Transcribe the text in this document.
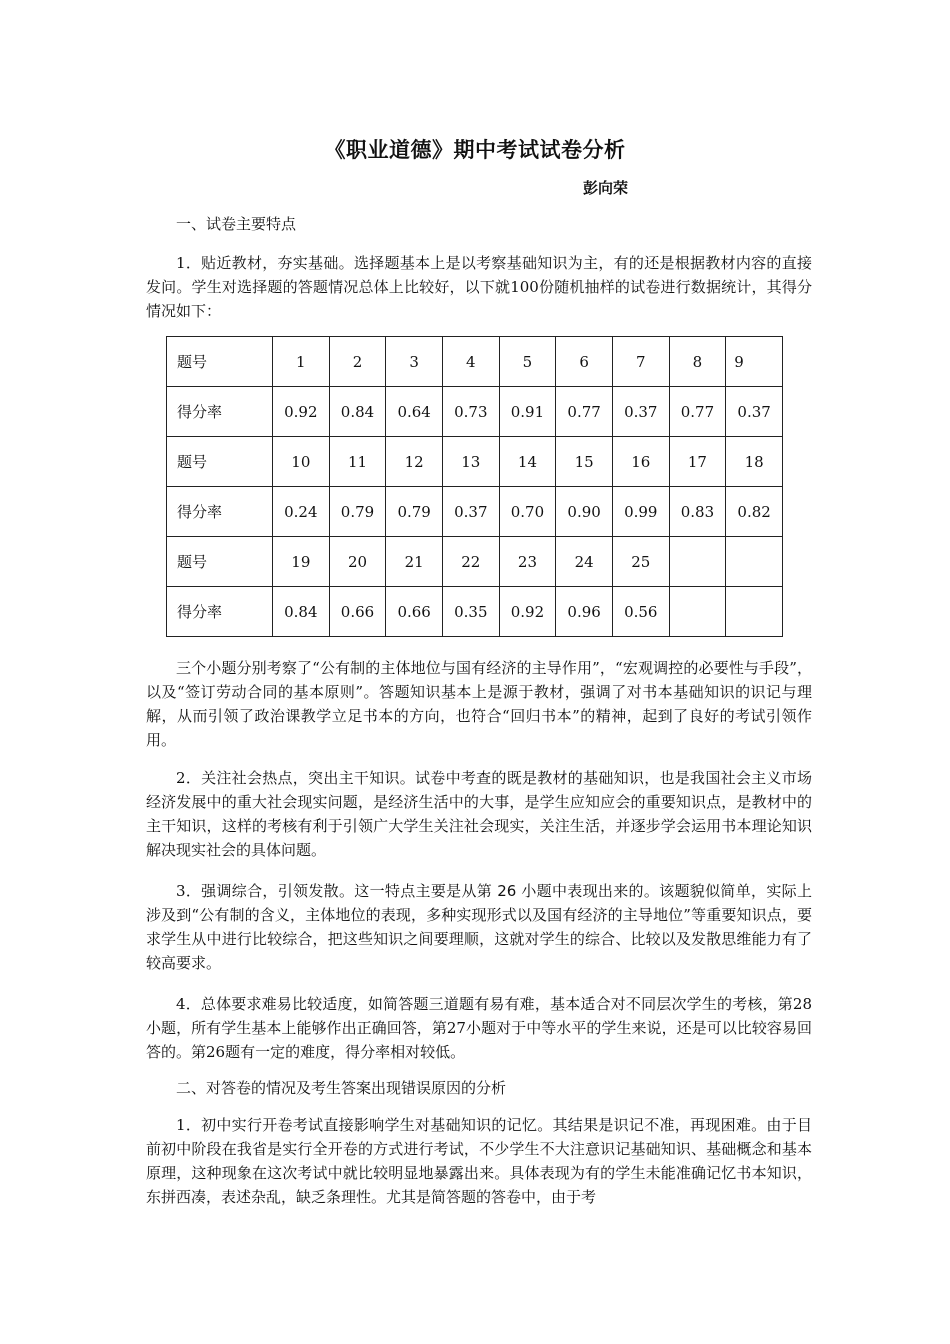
《职业道德》期中考试试卷分析
彭向荣

一、试卷主要特点

1．贴近教材，夯实基础。选择题基本上是以考察基础知识为主，有的还是根据教材内容的直接发问。学生对选择题的答题情况总体上比较好，以下就100份随机抽样的试卷进行数据统计，其得分情况如下：

题号	1	2	3	4	5	6	7	8	9
得分率	0.92	0.84	0.64	0.73	0.91	0.77	0.37	0.77	0.37
题号	10	11	12	13	14	15	16	17	18
得分率	0.24	0.79	0.79	0.37	0.70	0.90	0.99	0.83	0.82
题号	19	20	21	22	23	24	25		
得分率	0.84	0.66	0.66	0.35	0.92	0.96	0.56		

三个小题分别考察了“公有制的主体地位与国有经济的主导作用”，“宏观调控的必要性与手段”，以及“签订劳动合同的基本原则”。答题知识基本上是源于教材，强调了对书本基础知识的识记与理解，从而引领了政治课教学立足书本的方向，也符合“回归书本”的精神，起到了良好的考试引领作用。

2．关注社会热点，突出主干知识。试卷中考查的既是教材的基础知识，也是我国社会主义市场经济发展中的重大社会现实问题，是经济生活中的大事，是学生应知应会的重要知识点，是教材中的主干知识，这样的考核有利于引领广大学生关注社会现实，关注生活，并逐步学会运用书本理论知识解决现实社会的具体问题。

3．强调综合，引领发散。这一特点主要是从第 26 小题中表现出来的。该题貌似简单，实际上涉及到“公有制的含义，主体地位的表现，多种实现形式以及国有经济的主导地位”等重要知识点，要求学生从中进行比较综合，把这些知识之间要理顺，这就对学生的综合、比较以及发散思维能力有了较高要求。

4．总体要求难易比较适度，如简答题三道题有易有难，基本适合对不同层次学生的考核，第28小题，所有学生基本上能够作出正确回答，第27小题对于中等水平的学生来说，还是可以比较容易回答的。第26题有一定的难度，得分率相对较低。

二、对答卷的情况及考生答案出现错误原因的分析

1．初中实行开卷考试直接影响学生对基础知识的记忆。其结果是识记不准，再现困难。由于目前初中阶段在我省是实行全开卷的方式进行考试，不少学生不大注意识记基础知识、基础概念和基本原理，这种现象在这次考试中就比较明显地暴露出来。具体表现为有的学生未能准确记忆书本知识，东拼西凑，表述杂乱，缺乏条理性。尤其是简答题的答卷中，由于考
